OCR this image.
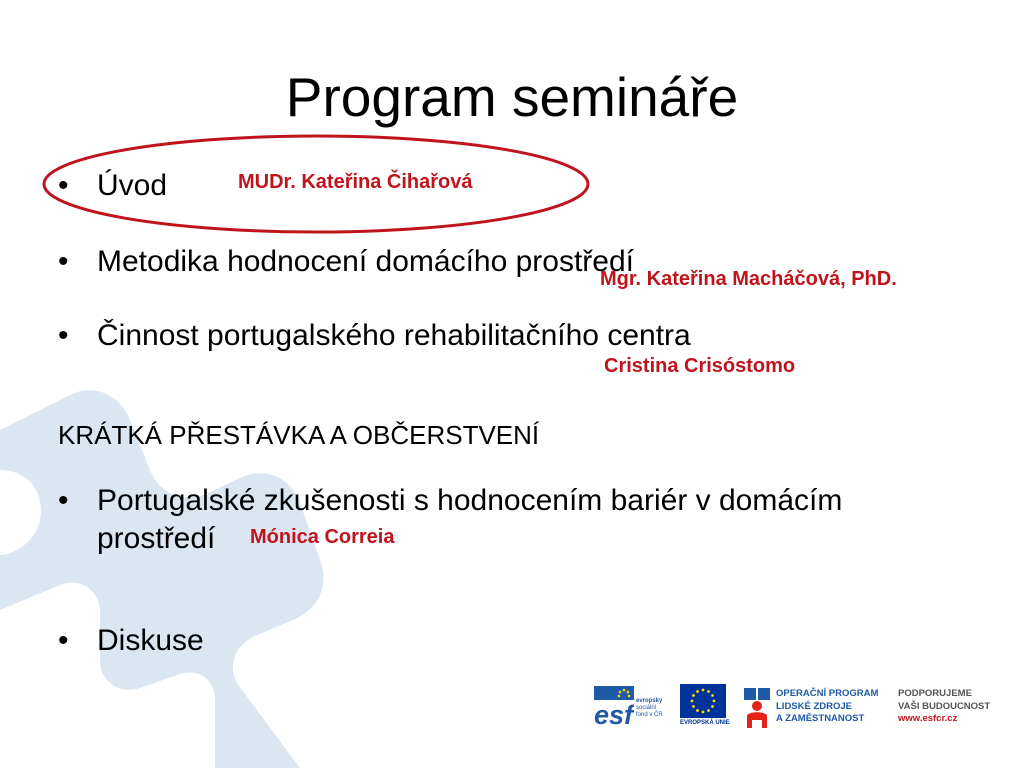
Program semináře
• Úvod	MUDr. Kateřina Čihařová
• Metodika hodnocení domácího prostředí
Mgr. Kateřina Macháčová, PhD.
• Činnost portugalského rehabilitačního centra
Cristina Crisóstomo
KRÁTKÁ PŘESTÁVKA A OBČERSTVENÍ
• Portugalské zkušenosti s hodnocením bariér v domácím
prostředí Mónica Correia
• Diskuse
esf evropský
sociální
fond v ČR
EVROPSKÁ UNIE
OPERAČNÍ PROGRAM
LIDSKÉ ZDROJE
A ZAMĚSTNANOST
PODPORUJEME
VAŠI BUDOUCNOST
www.esfcr.cz
